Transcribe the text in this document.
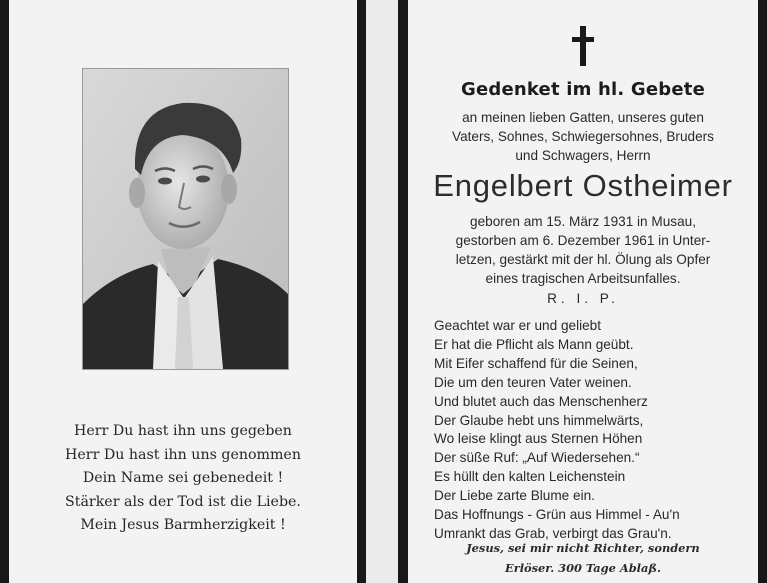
Herr Du hast ihn uns gegeben
Herr Du hast ihn uns genommen
Dein Name sei gebenedeit !
Stärker als der Tod ist die Liebe.
Mein Jesus Barmherzigkeit !
Gedenket im hl. Gebete
an meinen lieben Gatten, unseres guten
Vaters, Sohnes, Schwiegersohnes, Bruders
und Schwagers, Herrn
Engelbert Ostheimer
geboren am 15. März 1931 in Musau,
gestorben am 6. Dezember 1961 in Unter-
letzen, gestärkt mit der hl. Ölung als Opfer
eines tragischen Arbeitsunfalles.
R. I. P.
Geachtet war er und geliebt
Er hat die Pflicht als Mann geübt.
Mit Eifer schaffend für die Seinen,
Die um den teuren Vater weinen.
Und blutet auch das Menschenherz
Der Glaube hebt uns himmelwärts,
Wo leise klingt aus Sternen Höhen
Der süße Ruf: „Auf Wiedersehen.“
Es hüllt den kalten Leichenstein
Der Liebe zarte Blume ein.
Das Hoffnungs - Grün aus Himmel - Au'n
Umrankt das Grab, verbirgt das Grau'n.
Jesus, sei mir nicht Richter, sondern
Erlöser. 300 Tage Ablaß.
